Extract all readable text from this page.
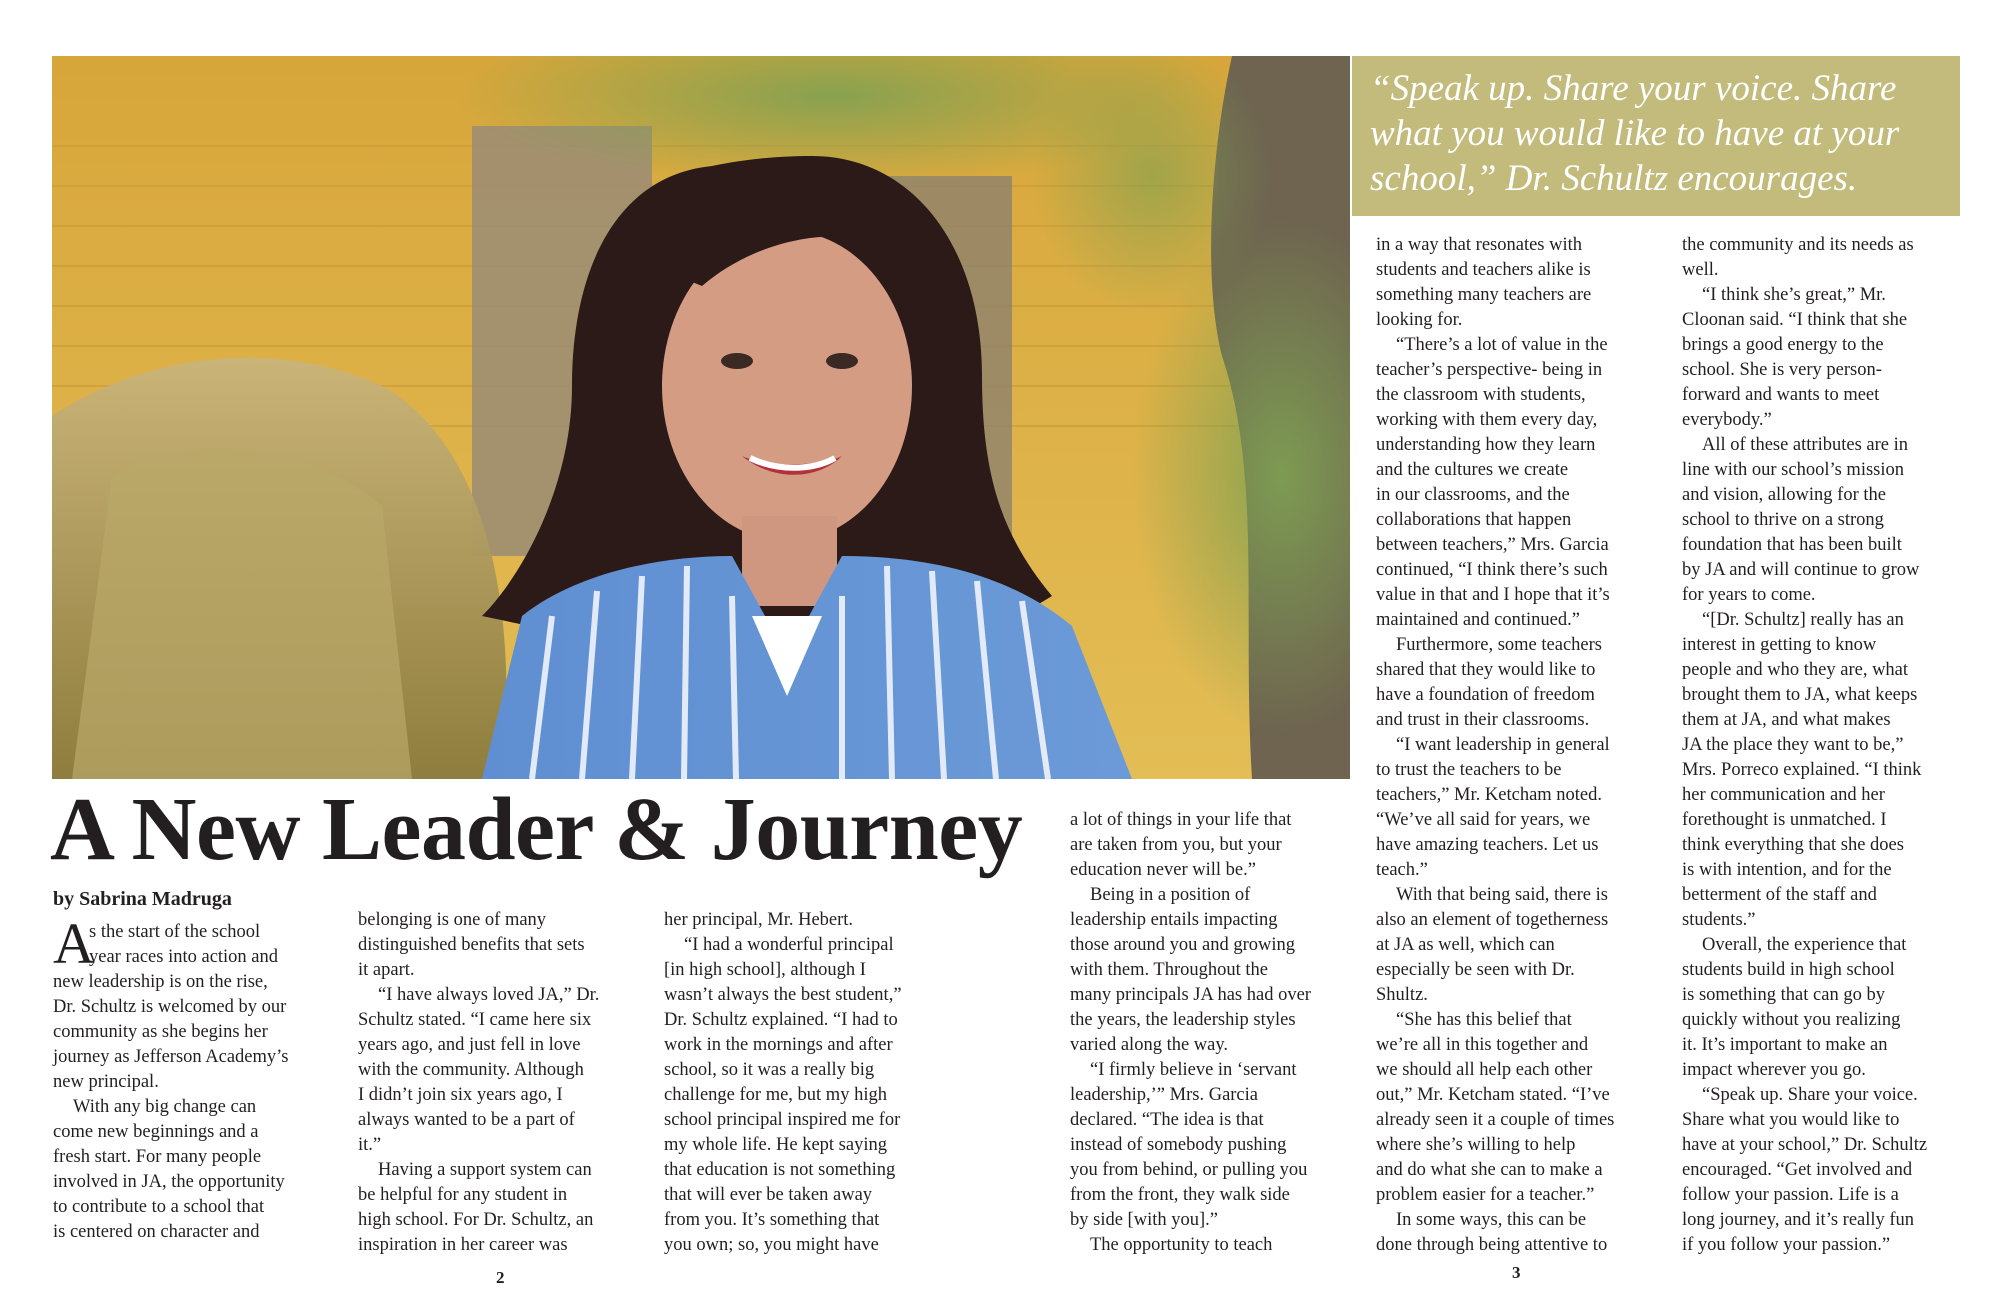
“Speak up. Share your voice. Share what you would like to have at your school,” Dr. Schultz encourages.

A New Leader & Journey

by Sabrina Madruga

A
s the start of the school
year races into action and
new leadership is on the rise,
Dr. Schultz is welcomed by our
community as she begins her
journey as Jefferson Academy’s
new principal.
With any big change can
come new beginnings and a
fresh start. For many people
involved in JA, the opportunity
to contribute to a school that
is centered on character and
belonging is one of many
distinguished benefits that sets
it apart.
“I have always loved JA,” Dr.
Schultz stated. “I came here six
years ago, and just fell in love
with the community. Although
I didn’t join six years ago, I
always wanted to be a part of
it.”
Having a support system can
be helpful for any student in
high school. For Dr. Schultz, an
inspiration in her career was
her principal, Mr. Hebert.
“I had a wonderful principal
[in high school], although I
wasn’t always the best student,”
Dr. Schultz explained. “I had to
work in the mornings and after
school, so it was a really big
challenge for me, but my high
school principal inspired me for
my whole life. He kept saying
that education is not something
that will ever be taken away
from you. It’s something that
you own; so, you might have
a lot of things in your life that
are taken from you, but your
education never will be.”
Being in a position of
leadership entails impacting
those around you and growing
with them. Throughout the
many principals JA has had over
the years, the leadership styles
varied along the way.
“I firmly believe in ‘servant
leadership,’” Mrs. Garcia
declared. “The idea is that
instead of somebody pushing
you from behind, or pulling you
from the front, they walk side
by side [with you].”
The opportunity to teach
in a way that resonates with
students and teachers alike is
something many teachers are
looking for.
“There’s a lot of value in the
teacher’s perspective- being in
the classroom with students,
working with them every day,
understanding how they learn
and the cultures we create
in our classrooms, and the
collaborations that happen
between teachers,” Mrs. Garcia
continued, “I think there’s such
value in that and I hope that it’s
maintained and continued.”
Furthermore, some teachers
shared that they would like to
have a foundation of freedom
and trust in their classrooms.
“I want leadership in general
to trust the teachers to be
teachers,” Mr. Ketcham noted.
“We’ve all said for years, we
have amazing teachers. Let us
teach.”
With that being said, there is
also an element of togetherness
at JA as well, which can
especially be seen with Dr.
Shultz.
“She has this belief that
we’re all in this together and
we should all help each other
out,” Mr. Ketcham stated. “I’ve
already seen it a couple of times
where she’s willing to help
and do what she can to make a
problem easier for a teacher.”
In some ways, this can be
done through being attentive to
the community and its needs as
well.
“I think she’s great,” Mr.
Cloonan said. “I think that she
brings a good energy to the
school. She is very person-
forward and wants to meet
everybody.”
All of these attributes are in
line with our school’s mission
and vision, allowing for the
school to thrive on a strong
foundation that has been built
by JA and will continue to grow
for years to come.
“[Dr. Schultz] really has an
interest in getting to know
people and who they are, what
brought them to JA, what keeps
them at JA, and what makes
JA the place they want to be,”
Mrs. Porreco explained. “I think
her communication and her
forethought is unmatched. I
think everything that she does
is with intention, and for the
betterment of the staff and
students.”
Overall, the experience that
students build in high school
is something that can go by
quickly without you realizing
it. It’s important to make an
impact wherever you go.
“Speak up. Share your voice.
Share what you would like to
have at your school,” Dr. Schultz
encouraged. “Get involved and
follow your passion. Life is a
long journey, and it’s really fun
if you follow your passion.”
2	3
